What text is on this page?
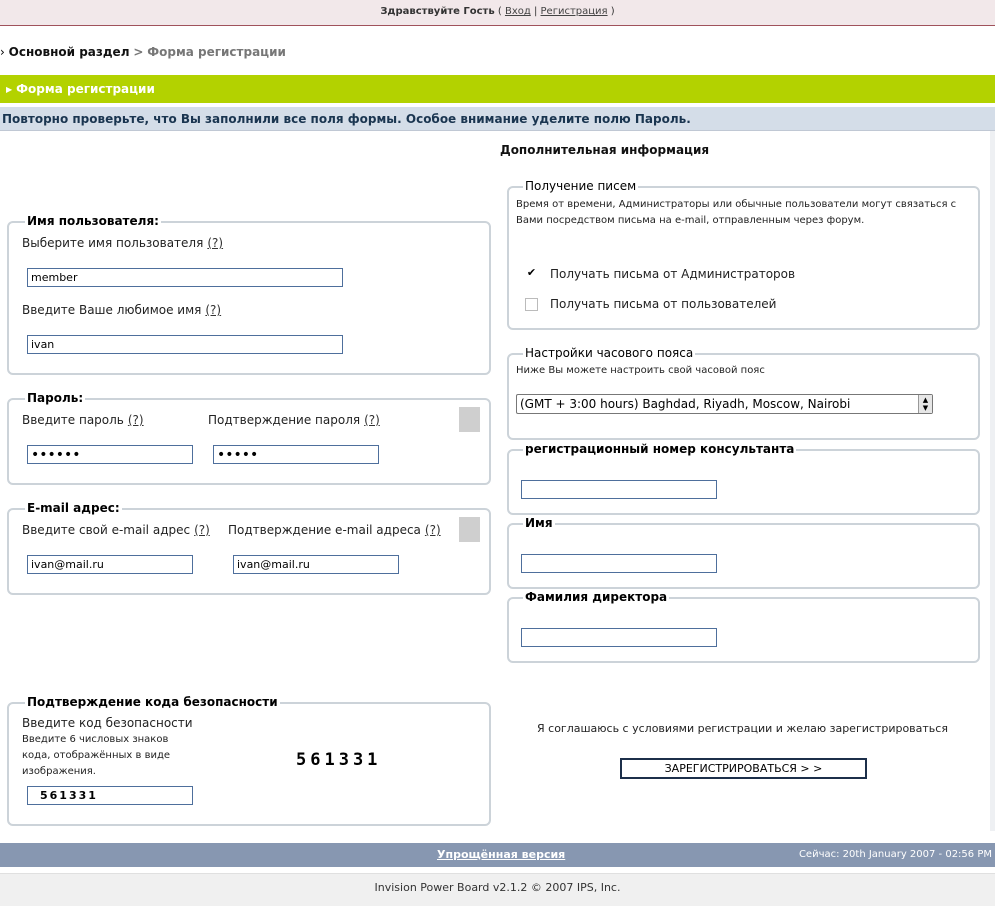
Здравствуйте Гость ( Вход | Регистрация )
› Основной раздел > Форма регистрации
▶ Форма регистрации
Повторно проверьте, что Вы заполнили все поля формы. Особое внимание уделите полю Пароль.
Имя пользователя:
Выберите имя пользователя (?)
member
Введите Ваше любимое имя (?)
ivan
Пароль:
Введите пароль (?)	Подтверждение пароля (?)
E-mail адрес:
Введите свой e-mail адрес (?) Подтверждение e-mail адреса (?)
ivan@mail.ru
ivan@mail.ru
Подтверждение кода безопасности
Введите код безопасности
Введите 6 числовых знаков кода, отображённых в виде изображения.
561331
561331
Дополнительная информация
Получение писем
Время от времени, Администраторы или обычные пользователи могут связаться с Вами посредством письма на e-mail, отправленным через форум.
✔ Получать письма от Администраторов
Получать письма от пользователей
Настройки часового пояса
Ниже Вы можете настроить свой часовой пояс
(GMT + 3:00 hours) Baghdad, Riyadh, Moscow, Nairobi	▲
▼
регистрационный номер консультанта
Имя
Фамилия директора
Я соглашаюсь с условиями регистрации и желаю зарегистрироваться
ЗАРЕГИСТРИРОВАТЬСЯ > >
Упрощённая версия	Сейчас: 20th January 2007 - 02:56 PM
Invision Power Board v2.1.2 © 2007 IPS, Inc.
